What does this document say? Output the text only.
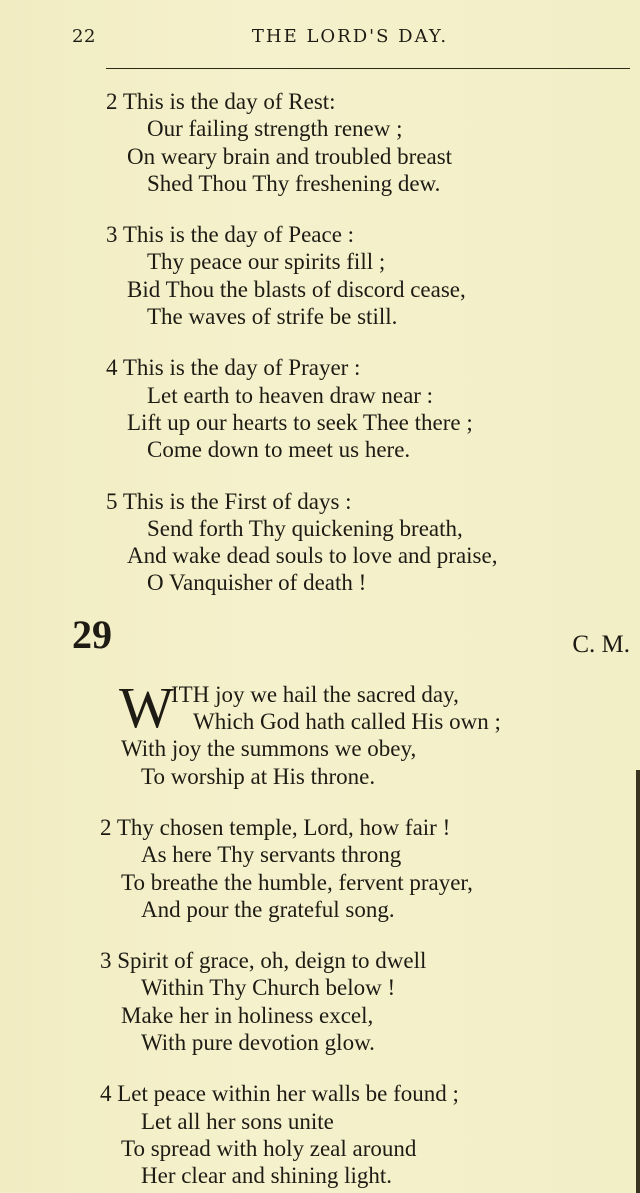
22	THE LORD'S DAY.
2 This is the day of Rest:
Our failing strength renew ;
On weary brain and troubled breast
Shed Thou Thy freshening dew.
3 This is the day of Peace :
Thy peace our spirits fill ;
Bid Thou the blasts of discord cease,
The waves of strife be still.
4 This is the day of Prayer :
Let earth to heaven draw near :
Lift up our hearts to seek Thee there ;
Come down to meet us here.
5 This is the First of days :
Send forth Thy quickening breath,
And wake dead souls to love and praise,
O Vanquisher of death !
29	C. M.
W
ITH joy we hail the sacred day,
Which God hath called His own ;
With joy the summons we obey,
To worship at His throne.
2 Thy chosen temple, Lord, how fair !
As here Thy servants throng
To breathe the humble, fervent prayer,
And pour the grateful song.
3 Spirit of grace, oh, deign to dwell
Within Thy Church below !
Make her in holiness excel,
With pure devotion glow.
4 Let peace within her walls be found ;
Let all her sons unite
To spread with holy zeal around
Her clear and shining light.
